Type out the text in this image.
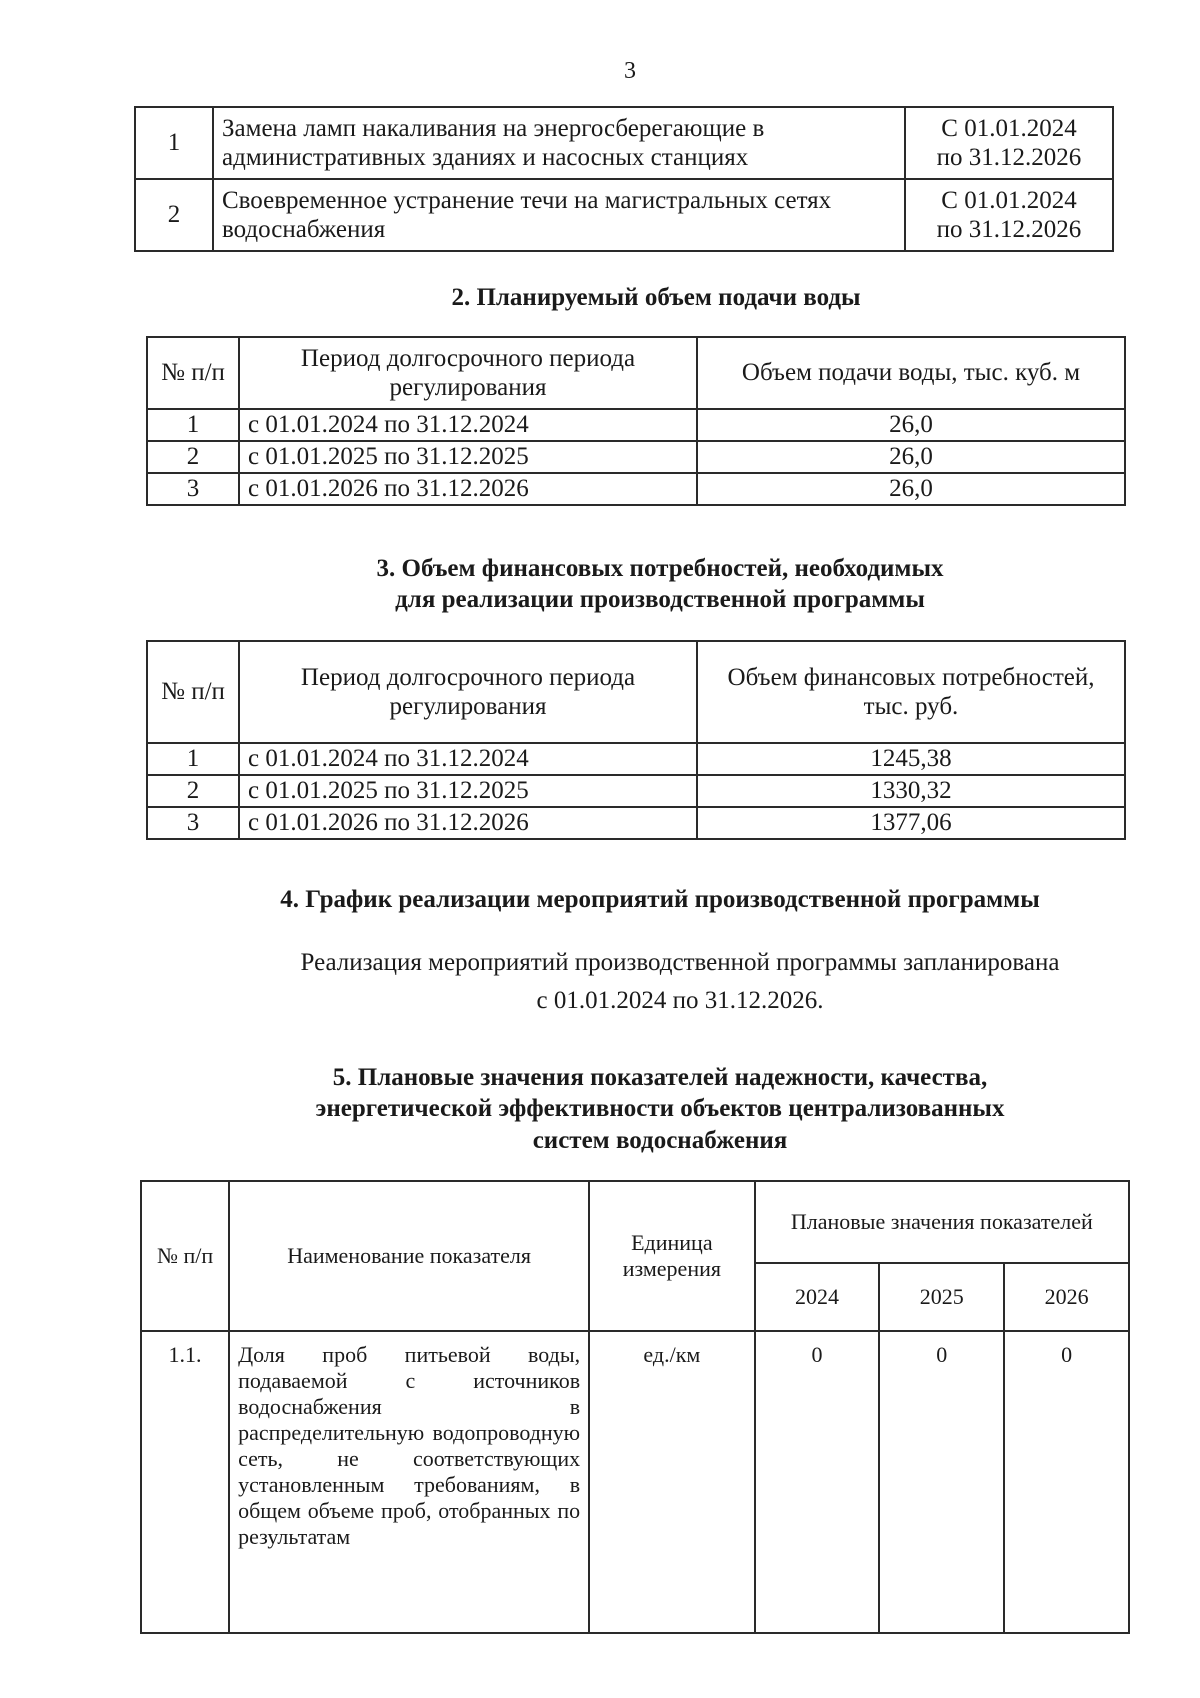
3
1	Замена ламп накаливания на энергосберегающие в административных зданиях и насосных станциях	С 01.01.2024
по 31.12.2026

2	Своевременное устранение течи на магистральных сетях водоснабжения	С 01.01.2024
по 31.12.2026
2. Планируемый объем подачи воды
№ п/п	Период долгосрочного периода регулирования	Объем подачи воды, тыс. куб. м
1	с 01.01.2024 по 31.12.2024	26,0
2	с 01.01.2025 по 31.12.2025	26,0
3	с 01.01.2026 по 31.12.2026	26,0
3. Объем финансовых потребностей, необходимых
для реализации производственной программы
№ п/п	Период долгосрочного периода регулирования	Объем финансовых потребностей, тыс. руб.
1	с 01.01.2024 по 31.12.2024	1245,38
2	с 01.01.2025 по 31.12.2025	1330,32
3	с 01.01.2026 по 31.12.2026	1377,06
4. График реализации мероприятий производственной программы
Реализация мероприятий производственной программы запланирована
с 01.01.2024 по 31.12.2026.
5. Плановые значения показателей надежности, качества,
энергетической эффективности объектов централизованных
систем водоснабжения
№ п/п	Наименование показателя	Единица измерения	Плановые значения показателей		
			2024	2025	2026
1.1.	Доля проб питьевой воды, подаваемой с источников водоснабжения в распределительную водопроводную сеть, не соответствующих установленным требованиям, в общем объеме проб, отобранных по результатам	ед./км	0	0	0
